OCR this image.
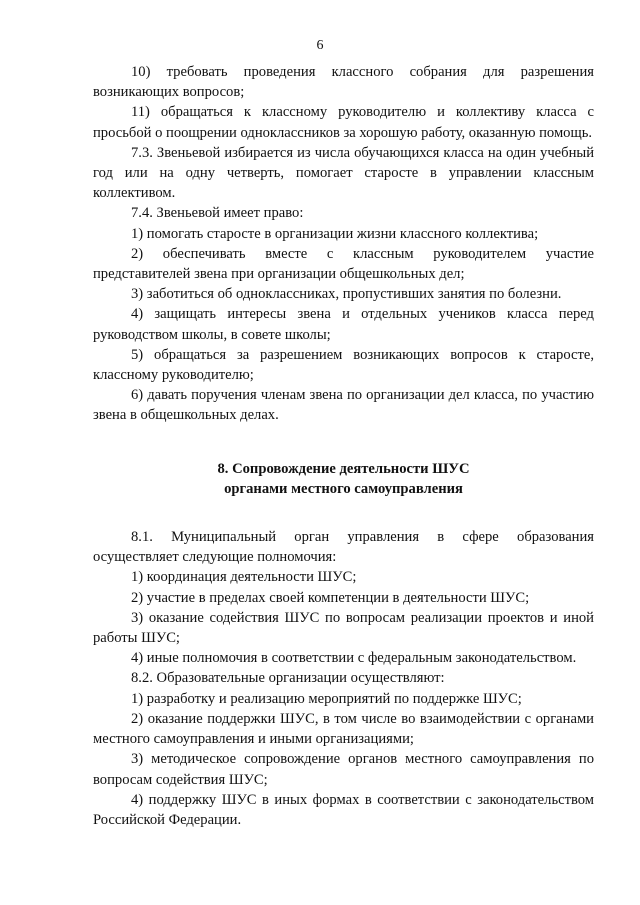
6

10) требовать проведения классного собрания для разрешения возникающих вопросов;

11) обращаться к классному руководителю и коллективу класса с просьбой о поощрении одноклассников за хорошую работу, оказанную помощь.

7.3. Звеньевой избирается из числа обучающихся класса на один учебный год или на одну четверть, помогает старосте в управлении классным коллективом.

7.4. Звеньевой имеет право:

1) помогать старосте в организации жизни классного коллектива;

2) обеспечивать вместе с классным руководителем участие представителей звена при организации общешкольных дел;

3) заботиться об одноклассниках, пропустивших занятия по болезни.

4) защищать интересы звена и отдельных учеников класса перед руководством школы, в совете школы;

5) обращаться за разрешением возникающих вопросов к старосте, классному руководителю;

6) давать поручения членам звена по организации дел класса, по участию звена в общешкольных делах.

8. Сопровождение деятельности ШУС
органами местного самоуправления

8.1. Муниципальный орган управления в сфере образования осуществляет следующие полномочия:

1) координация деятельности ШУС;

2) участие в пределах своей компетенции в деятельности ШУС;

3) оказание содействия ШУС по вопросам реализации проектов и иной работы ШУС;

4) иные полномочия в соответствии с федеральным законодательством.

8.2. Образовательные организации осуществляют:

1) разработку и реализацию мероприятий по поддержке ШУС;

2) оказание поддержки ШУС, в том числе во взаимодействии с органами местного самоуправления и иными организациями;

3) методическое сопровождение органов местного самоуправления по вопросам содействия ШУС;

4) поддержку ШУС в иных формах в соответствии с законодательством Российской Федерации.
